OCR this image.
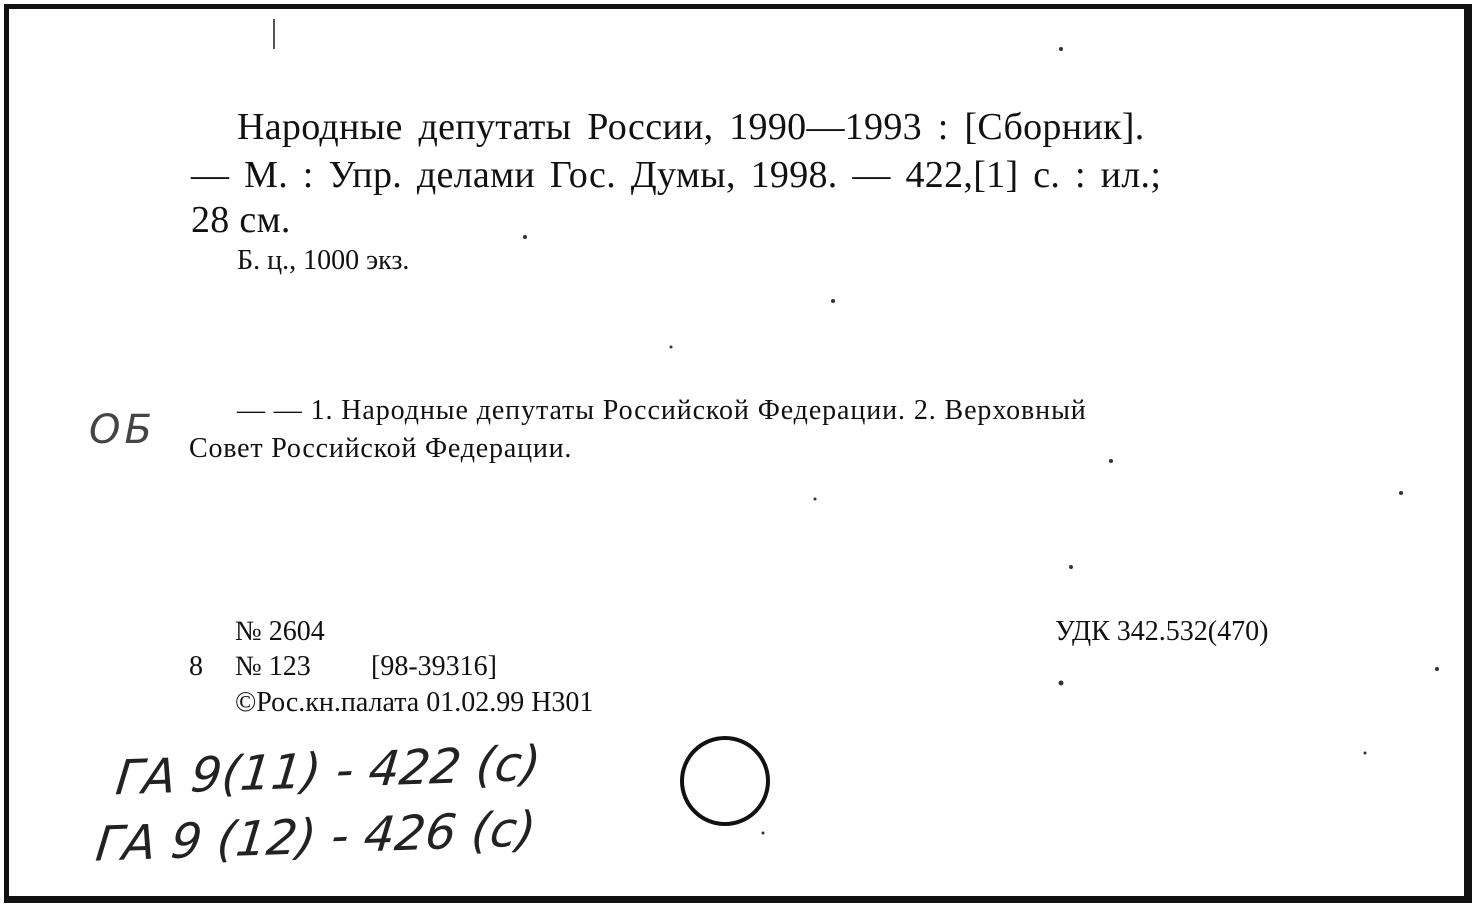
Народные депутаты России, 1990—1993 : [Сборник].
— М. : Упр. делами Гос. Думы, 1998. — 422,[1] с. : ил.;
28 см.
Б. ц., 1000 экз.
— — 1. Народные депутаты Российской Федерации. 2. Верховный
Совет Российской Федерации.
№ 2604
8 № 123 [98-39316]
©Рос.кн.палата 01.02.99 Н301
УДК 342.532(470)
ОБ
ГА 9(11) - 422 (с)
ГА 9 (12) - 426 (с)
